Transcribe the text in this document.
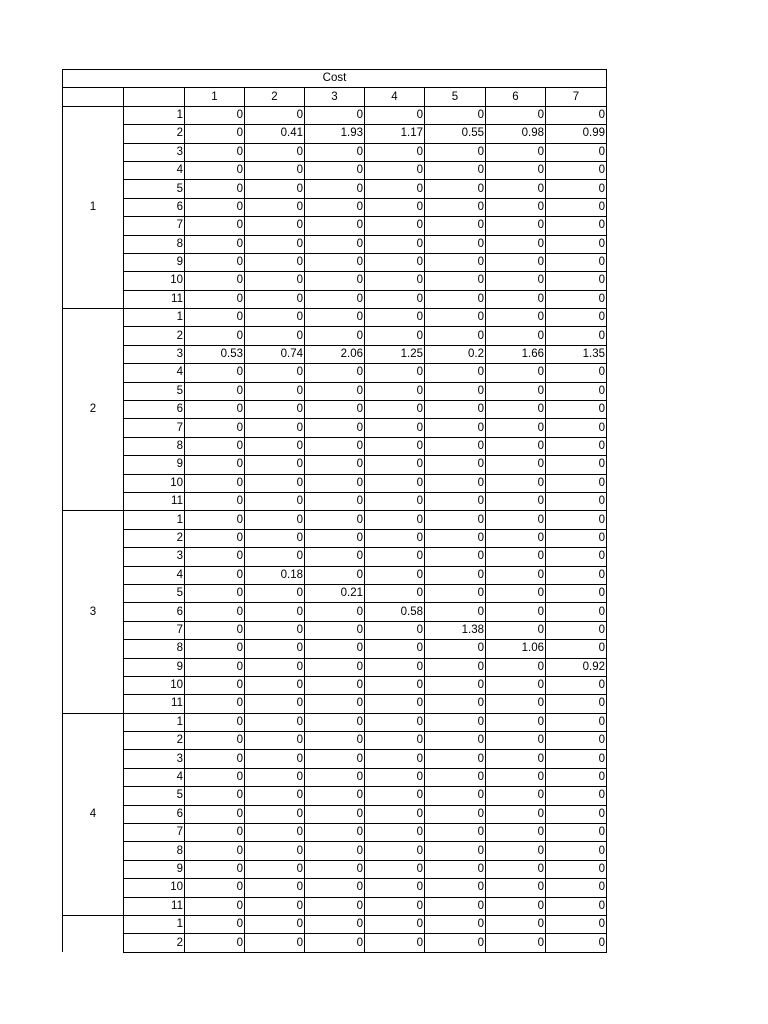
Cost								
		1	2	3	4	5	6	7
1	1	0	0	0	0	0	0	0
	2	0	0.41	1.93	1.17	0.55	0.98	0.99
	3	0	0	0	0	0	0	0
	4	0	0	0	0	0	0	0
	5	0	0	0	0	0	0	0
	6	0	0	0	0	0	0	0
	7	0	0	0	0	0	0	0
	8	0	0	0	0	0	0	0
	9	0	0	0	0	0	0	0
	10	0	0	0	0	0	0	0
	11	0	0	0	0	0	0	0
2	1	0	0	0	0	0	0	0
	2	0	0	0	0	0	0	0
	3	0.53	0.74	2.06	1.25	0.2	1.66	1.35
	4	0	0	0	0	0	0	0
	5	0	0	0	0	0	0	0
	6	0	0	0	0	0	0	0
	7	0	0	0	0	0	0	0
	8	0	0	0	0	0	0	0
	9	0	0	0	0	0	0	0
	10	0	0	0	0	0	0	0
	11	0	0	0	0	0	0	0
3	1	0	0	0	0	0	0	0
	2	0	0	0	0	0	0	0
	3	0	0	0	0	0	0	0
	4	0	0.18	0	0	0	0	0
	5	0	0	0.21	0	0	0	0
	6	0	0	0	0.58	0	0	0
	7	0	0	0	0	1.38	0	0
	8	0	0	0	0	0	1.06	0
	9	0	0	0	0	0	0	0.92
	10	0	0	0	0	0	0	0
	11	0	0	0	0	0	0	0
4	1	0	0	0	0	0	0	0
	2	0	0	0	0	0	0	0
	3	0	0	0	0	0	0	0
	4	0	0	0	0	0	0	0
	5	0	0	0	0	0	0	0
	6	0	0	0	0	0	0	0
	7	0	0	0	0	0	0	0
	8	0	0	0	0	0	0	0
	9	0	0	0	0	0	0	0
	10	0	0	0	0	0	0	0
	11	0	0	0	0	0	0	0
	1	0	0	0	0	0	0	0
	2	0	0	0	0	0	0	0
